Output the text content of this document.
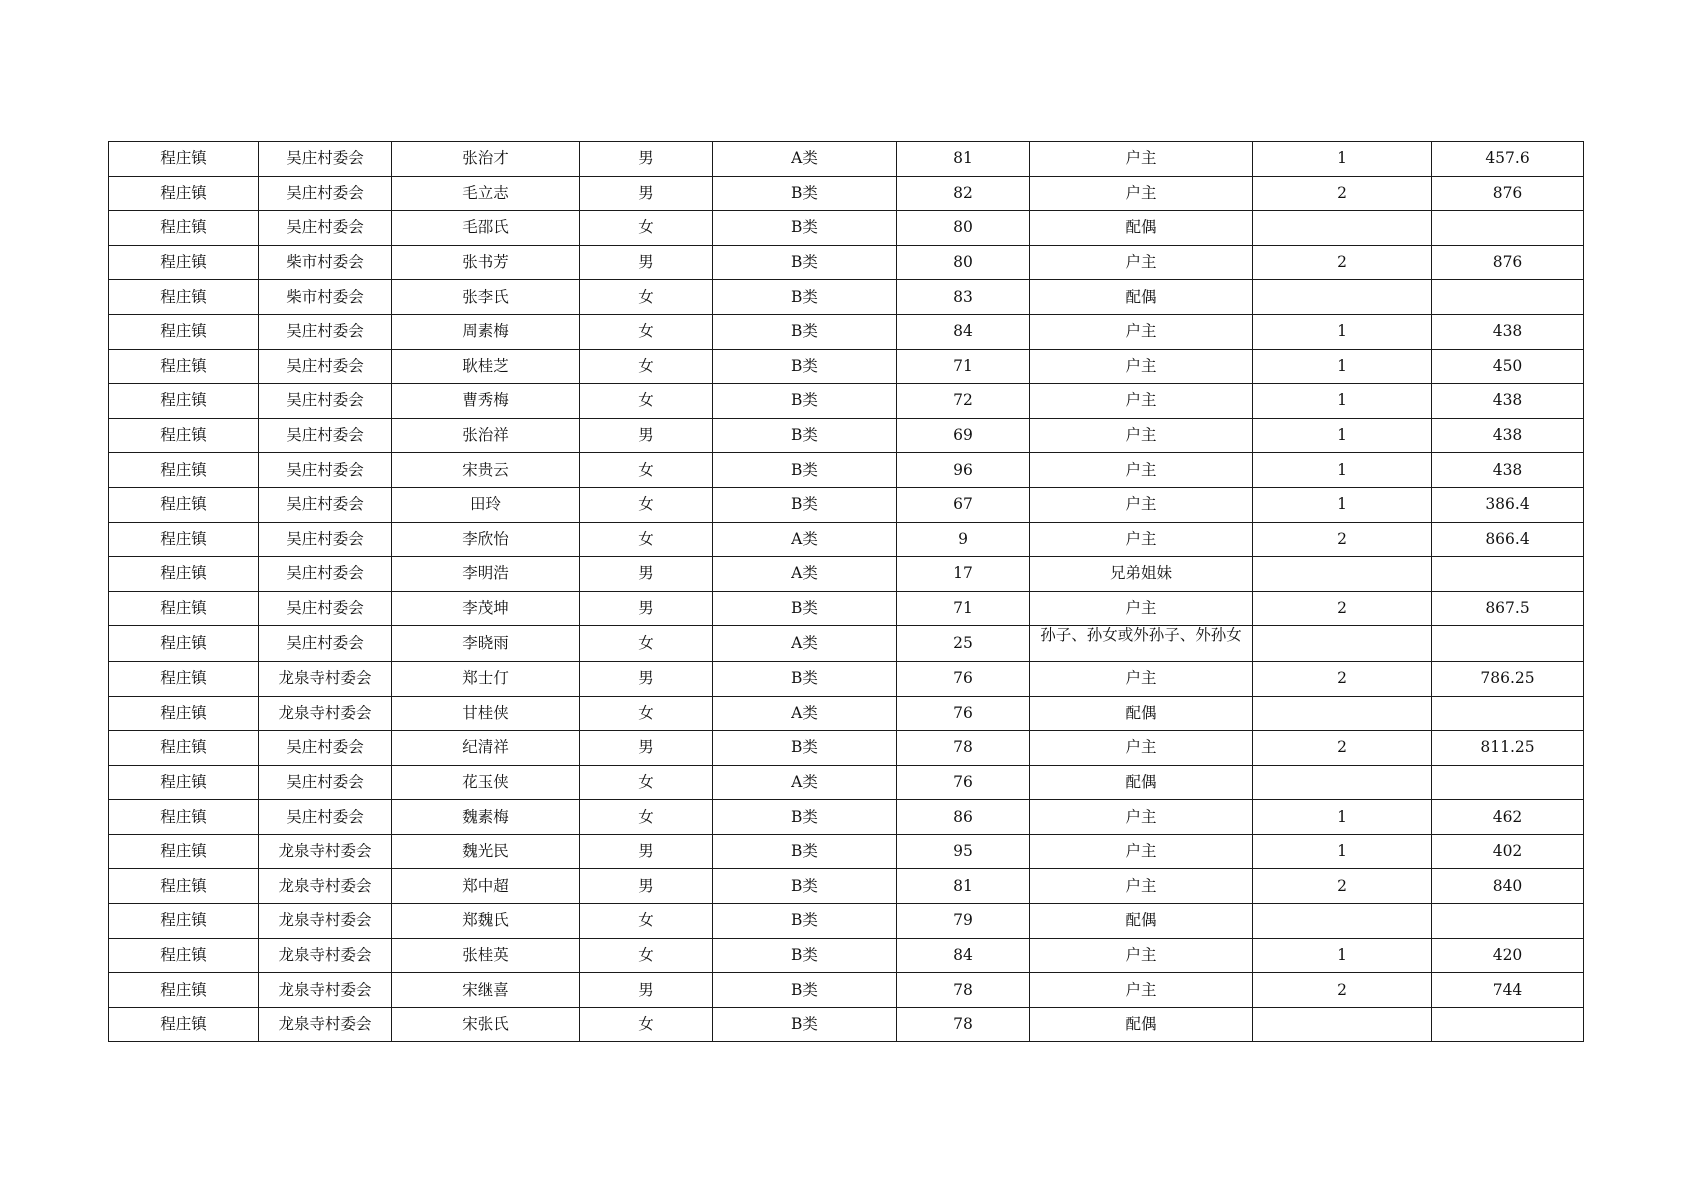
程庄镇	吴庄村委会	张治才	男	A类	81	户主	1	457.6
程庄镇	吴庄村委会	毛立志	男	B类	82	户主	2	876
程庄镇	吴庄村委会	毛邵氏	女	B类	80	配偶		
程庄镇	柴市村委会	张书芳	男	B类	80	户主	2	876
程庄镇	柴市村委会	张李氏	女	B类	83	配偶		
程庄镇	吴庄村委会	周素梅	女	B类	84	户主	1	438
程庄镇	吴庄村委会	耿桂芝	女	B类	71	户主	1	450
程庄镇	吴庄村委会	曹秀梅	女	B类	72	户主	1	438
程庄镇	吴庄村委会	张治祥	男	B类	69	户主	1	438
程庄镇	吴庄村委会	宋贵云	女	B类	96	户主	1	438
程庄镇	吴庄村委会	田玲	女	B类	67	户主	1	386.4
程庄镇	吴庄村委会	李欣怡	女	A类	9	户主	2	866.4
程庄镇	吴庄村委会	李明浩	男	A类	17	兄弟姐妹		
程庄镇	吴庄村委会	李茂坤	男	B类	71	户主	2	867.5
程庄镇	吴庄村委会	李晓雨	女	A类	25	孙子、孙女或外孙子、外孙女		
程庄镇	龙泉寺村委会	郑士仃	男	B类	76	户主	2	786.25
程庄镇	龙泉寺村委会	甘桂侠	女	A类	76	配偶		
程庄镇	吴庄村委会	纪清祥	男	B类	78	户主	2	811.25
程庄镇	吴庄村委会	花玉侠	女	A类	76	配偶		
程庄镇	吴庄村委会	魏素梅	女	B类	86	户主	1	462
程庄镇	龙泉寺村委会	魏光民	男	B类	95	户主	1	402
程庄镇	龙泉寺村委会	郑中超	男	B类	81	户主	2	840
程庄镇	龙泉寺村委会	郑魏氏	女	B类	79	配偶		
程庄镇	龙泉寺村委会	张桂英	女	B类	84	户主	1	420
程庄镇	龙泉寺村委会	宋继喜	男	B类	78	户主	2	744
程庄镇	龙泉寺村委会	宋张氏	女	B类	78	配偶		
